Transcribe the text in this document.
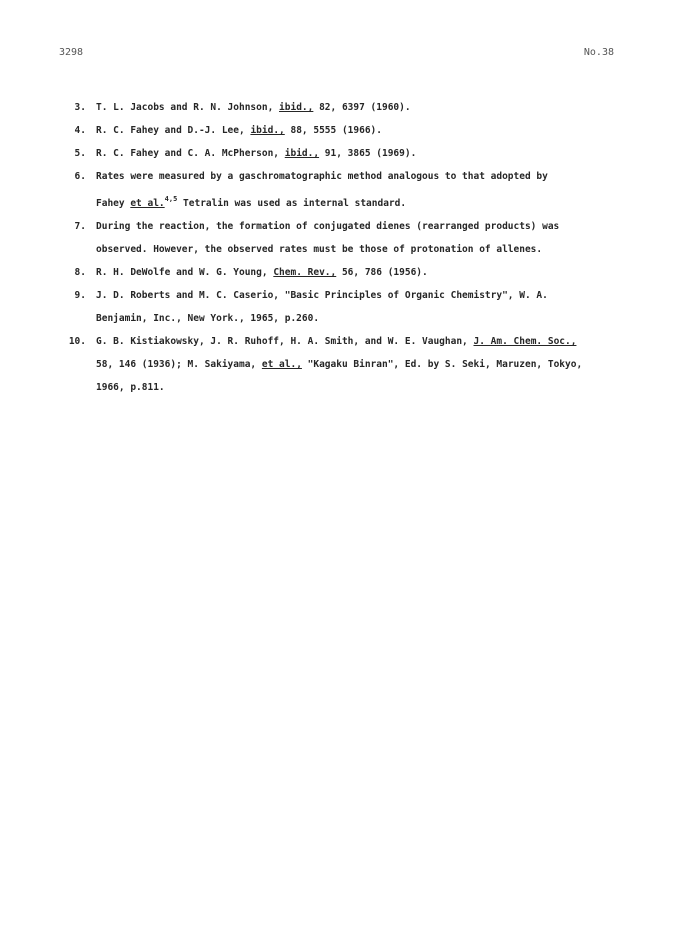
3298	No.38
3. T. L. Jacobs and R. N. Johnson, ibid., 82, 6397 (1960).
4. R. C. Fahey and D.-J. Lee, ibid., 88, 5555 (1966).
5. R. C. Fahey and C. A. McPherson, ibid., 91, 3865 (1969).
6. Rates were measured by a gaschromatographic method analogous to that adopted by
Fahey et al.$^{4,5}$ Tetralin was used as internal standard.
7. During the reaction, the formation of conjugated dienes (rearranged products) was
observed. However, the observed rates must be those of protonation of allenes.
8. R. H. DeWolfe and W. G. Young, Chem. Rev., 56, 786 (1956).
9. J. D. Roberts and M. C. Caserio, "Basic Principles of Organic Chemistry", W. A.
Benjamin, Inc., New York., 1965, p.260.
10. G. B. Kistiakowsky, J. R. Ruhoff, H. A. Smith, and W. E. Vaughan, J. Am. Chem. Soc.,
58, 146 (1936); M. Sakiyama, et al., "Kagaku Binran", Ed. by S. Seki, Maruzen, Tokyo,
1966, p.811.
